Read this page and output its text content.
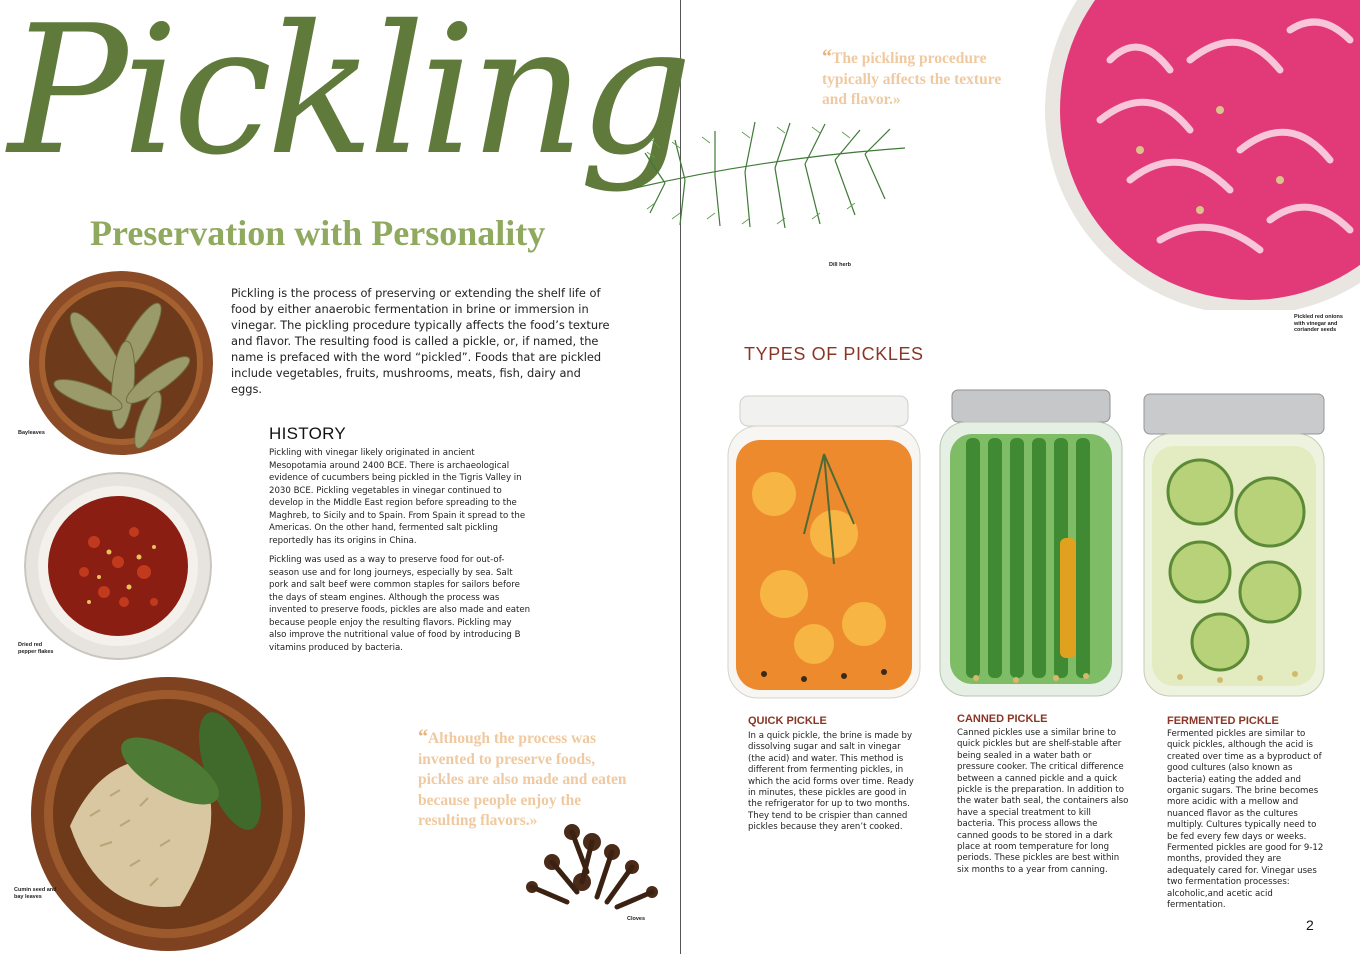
Pickling
Preservation with Personality
Bayleaves
Dried red pepper flakes
Cumin seed and bay leaves
Pickling is the process of preserving or extending the shelf life of food by either anaerobic fermentation in brine or immersion in vinegar. The pickling procedure typically affects the food’s texture and flavor. The resulting food is called a pickle, or, if named, the name is prefaced with the word “pickled”. Foods that are pickled include vegetables, fruits, mushrooms, meats, fish, dairy and eggs.
HISTORY

Pickling with vinegar likely originated in ancient Mesopotamia around 2400 BCE. There is archaeological evidence of cucumbers being pickled in the Tigris Valley in 2030 BCE. Pickling vegetables in vinegar continued to develop in the Middle East region before spreading to the Maghreb, to Sicily and to Spain. From Spain it spread to the Americas. On the other hand, fermented salt pickling reportedly has its origins in China.

Pickling was used as a way to preserve food for out-of-season use and for long journeys, especially by sea. Salt pork and salt beef were common staples for sailors before the days of steam engines. Although the process was invented to preserve foods, pickles are also made and eaten because people enjoy the resulting flavors. Pickling may also improve the nutritional value of food by introducing B vitamins produced by bacteria.

“Although the process was invented to preserve foods, pickles are also made and eaten because people enjoy the resulting flavors.»
Cloves
Dill herb
“The pickling procedure typically affects the texture and flavor.»
Pickled red onions with vinegar and coriander seeds
TYPES OF PICKLES
QUICK PICKLE
In a quick pickle, the brine is made by dissolving sugar and salt in vinegar (the acid) and water. This method is different from fermenting pickles, in which the acid forms over time. Ready in minutes, these pickles are good in the refrigerator for up to two months. They tend to be crispier than canned pickles because they aren’t cooked.
CANNED PICKLE
Canned pickles use a similar brine to quick pickles but are shelf-stable after being sealed in a water bath or pressure cooker. The critical difference between a canned pickle and a quick pickle is the preparation. In addition to the water bath seal, the containers also have a special treatment to kill bacteria. This process allows the canned goods to be stored in a dark place at room temperature for long periods. These pickles are best within six months to a year from canning.
FERMENTED PICKLE
Fermented pickles are similar to quick pickles, although the acid is created over time as a byproduct of good cultures (also known as bacteria) eating the added and organic sugars. The brine becomes more acidic with a mellow and nuanced flavor as the cultures multiply. Cultures typically need to be fed every few days or weeks. Fermented pickles are good for 9-12 months, provided they are adequately cared for. Vinegar uses two fermentation processes: alcoholic,and acetic acid fermentation.
2
